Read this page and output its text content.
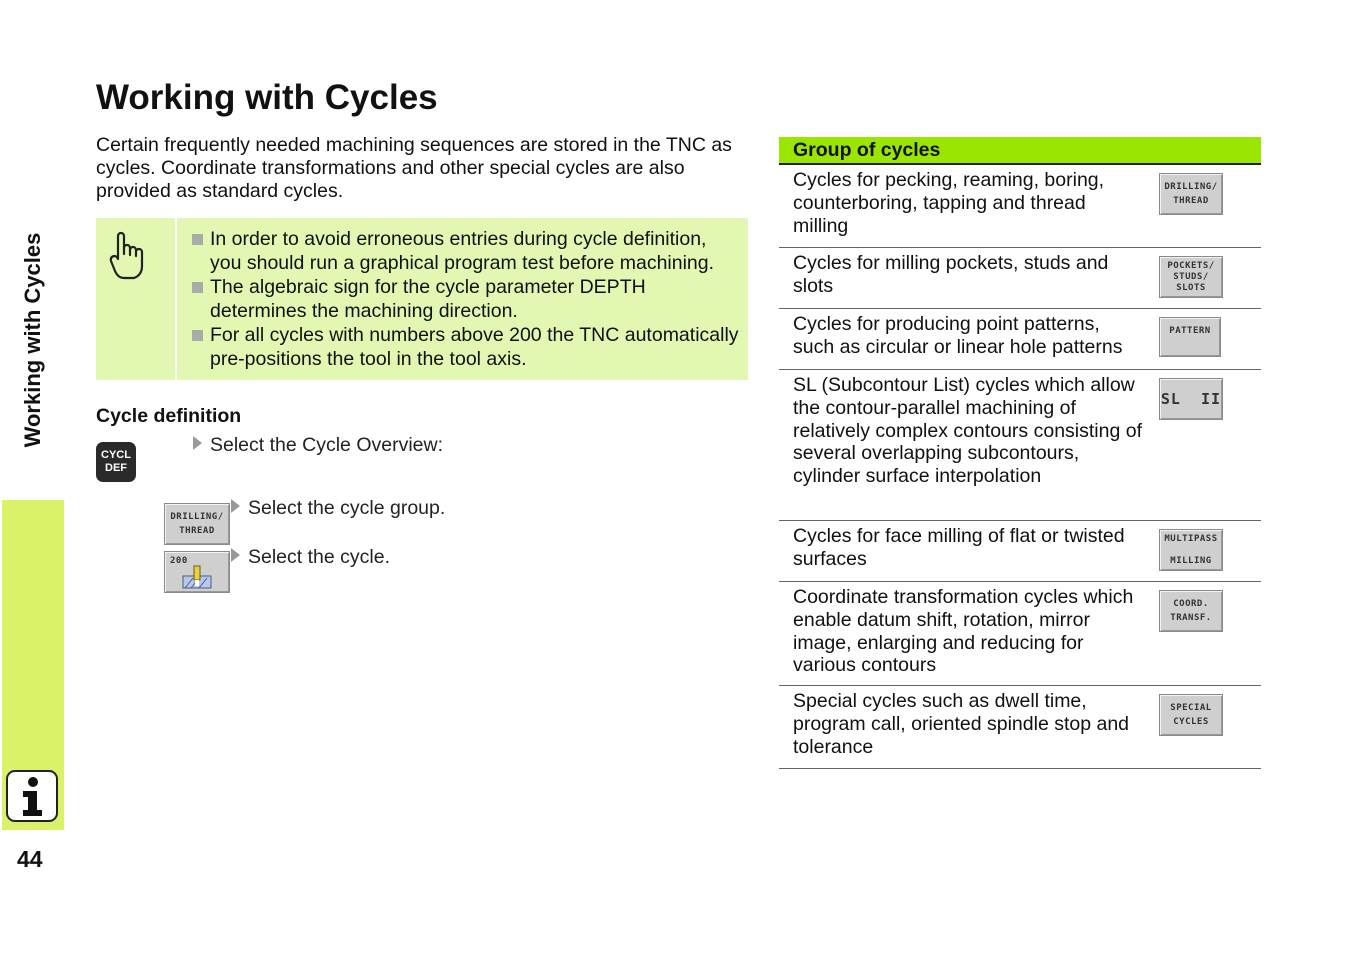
Working with Cycles
Certain frequently needed machining sequences are stored in the TNC as cycles. Coordinate transformations and other special cycles are also provided as standard cycles.
Working with Cycles
44
In order to avoid erroneous entries during cycle definition, you should run a graphical program test before machining.
The algebraic sign for the cycle parameter DEPTH determines the machining direction.
For all cycles with numbers above 200 the TNC automatically pre-positions the tool in the tool axis.
Cycle definition
CYCL
DEF
Select the Cycle Overview:
DRILLING/
THREAD
Select the cycle group.
200	Select the cycle.
Group of cycles
Cycles for pecking, reaming, boring, counterboring, tapping and thread milling
DRILLING/
THREAD
Cycles for milling pockets, studs and slots
POCKETS/
STUDS/
SLOTS
Cycles for producing point patterns, such as circular or linear hole patterns
PATTERN
SL (Subcontour List) cycles which allow the contour-parallel machining of relatively complex contours consisting of several overlapping subcontours, cylinder surface interpolation
SL  II
Cycles for face milling of flat or twisted surfaces
MULTIPASS
MILLING
Coordinate transformation cycles which enable datum shift, rotation, mirror image, enlarging and reducing for various contours
COORD.
TRANSF.
Special cycles such as dwell time, program call, oriented spindle stop and tolerance
SPECIAL
CYCLES
